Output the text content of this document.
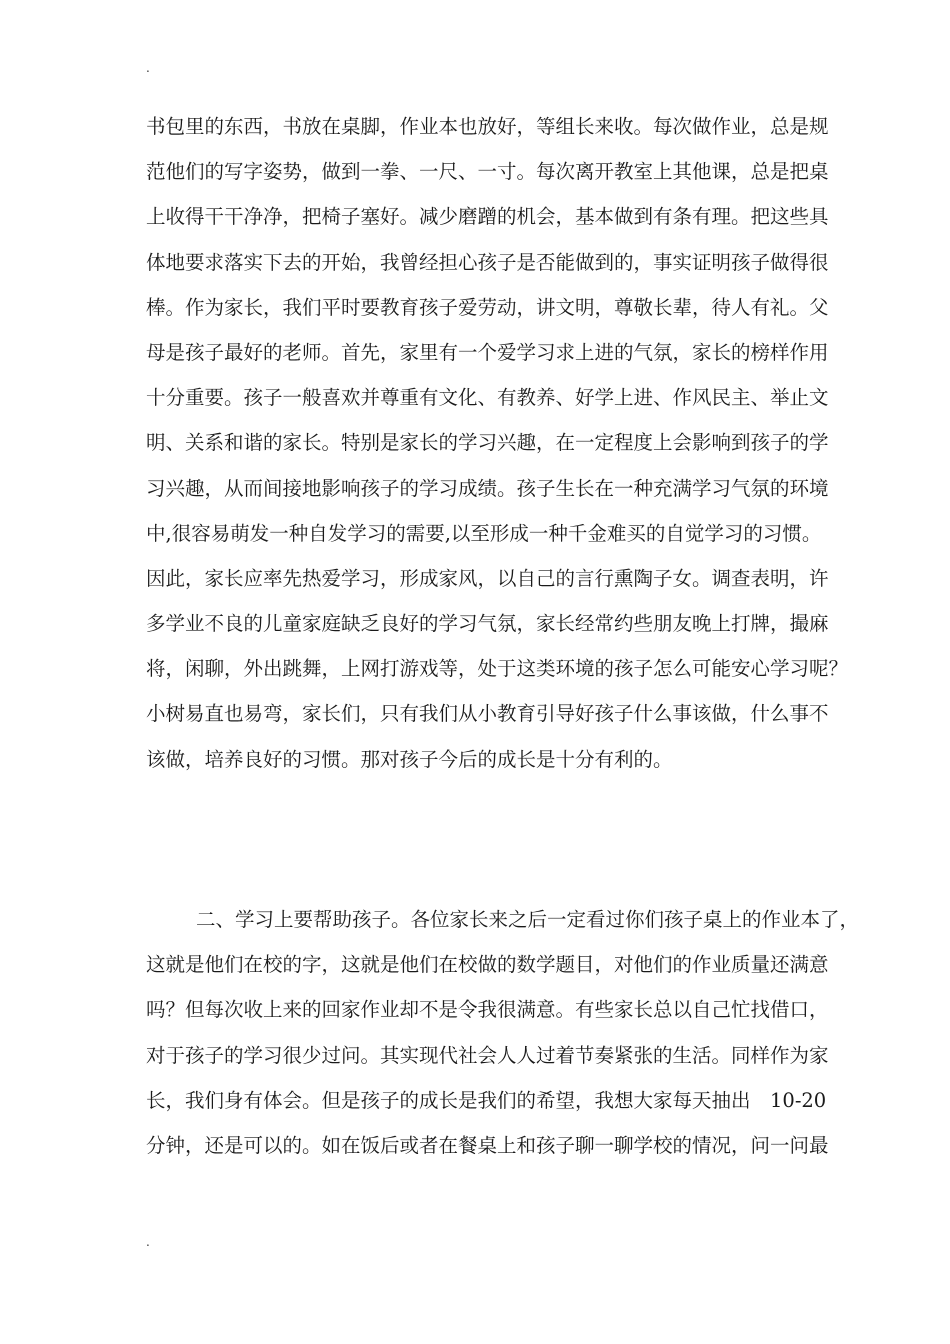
.
书包里的东西，书放在桌脚，作业本也放好，等组长来收。每次做作业，总是规
范他们的写字姿势，做到一拳、一尺、一寸。每次离开教室上其他课，总是把桌
上收得干干净净，把椅子塞好。减少磨蹭的机会，基本做到有条有理。把这些具
体地要求落实下去的开始，我曾经担心孩子是否能做到的，事实证明孩子做得很
棒。作为家长，我们平时要教育孩子爱劳动，讲文明，尊敬长辈，待人有礼。父
母是孩子最好的老师。首先，家里有一个爱学习求上进的气氛，家长的榜样作用
十分重要。孩子一般喜欢并尊重有文化、有教养、好学上进、作风民主、举止文
明、关系和谐的家长。特别是家长的学习兴趣，在一定程度上会影响到孩子的学
习兴趣，从而间接地影响孩子的学习成绩。孩子生长在一种充满学习气氛的环境
中,很容易萌发一种自发学习的需要,以至形成一种千金难买的自觉学习的习惯。
因此，家长应率先热爱学习，形成家风，以自己的言行熏陶子女。调查表明，许
多学业不良的儿童家庭缺乏良好的学习气氛，家长经常约些朋友晚上打牌，撮麻
将，闲聊，外出跳舞，上网打游戏等，处于这类环境的孩子怎么可能安心学习呢？
小树易直也易弯，家长们，只有我们从小教育引导好孩子什么事该做，什么事不
该做，培养良好的习惯。那对孩子今后的成长是十分有利的。
二、学习上要帮助孩子。各位家长来之后一定看过你们孩子桌上的作业本了，
这就是他们在校的字，这就是他们在校做的数学题目，对他们的作业质量还满意
吗？但每次收上来的回家作业却不是令我很满意。有些家长总以自己忙找借口，
对于孩子的学习很少过问。其实现代社会人人过着节奏紧张的生活。同样作为家
长，我们身有体会。但是孩子的成长是我们的希望，我想大家每天抽出　10-20
分钟，还是可以的。如在饭后或者在餐桌上和孩子聊一聊学校的情况，问一问最
.
